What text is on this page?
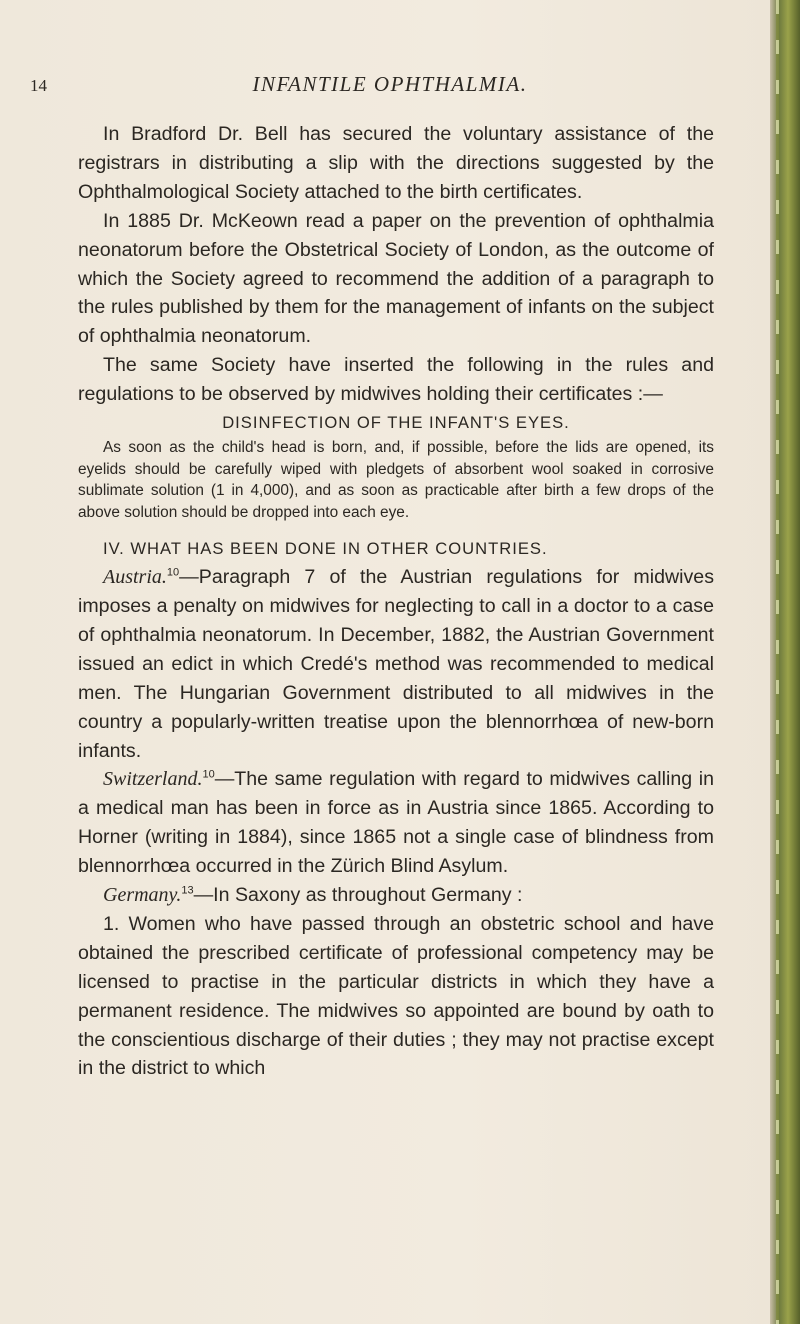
14	INFANTILE OPHTHALMIA.

In Bradford Dr. Bell has secured the voluntary assistance of the registrars in distributing a slip with the directions suggested by the Ophthalmological Society attached to the birth certificates.

In 1885 Dr. McKeown read a paper on the prevention of ophthalmia neonatorum before the Obstetrical Society of London, as the outcome of which the Society agreed to recommend the addition of a paragraph to the rules published by them for the management of infants on the subject of ophthalmia neonatorum.

The same Society have inserted the following in the rules and regulations to be observed by midwives holding their certificates :—

DISINFECTION OF THE INFANT'S EYES.

As soon as the child's head is born, and, if possible, before the lids are opened, its eyelids should be carefully wiped with pledgets of absorbent wool soaked in corrosive sublimate solution (1 in 4,000), and as soon as practicable after birth a few drops of the above solution should be dropped into each eye.

IV. WHAT HAS BEEN DONE IN OTHER COUNTRIES.

Austria.$^{10}$—Paragraph 7 of the Austrian regulations for midwives imposes a penalty on midwives for neglecting to call in a doctor to a case of ophthalmia neonatorum. In December, 1882, the Austrian Government issued an edict in which Credé's method was recommended to medical men. The Hungarian Government distributed to all midwives in the country a popularly-written treatise upon the blennorrhœa of new-born infants.

Switzerland.$^{10}$—The same regulation with regard to midwives calling in a medical man has been in force as in Austria since 1865. According to Horner (writing in 1884), since 1865 not a single case of blindness from blennorrhœa occurred in the Zürich Blind Asylum.

Germany.$^{13}$—In Saxony as throughout Germany :

1. Women who have passed through an obstetric school and have obtained the prescribed certificate of professional competency may be licensed to practise in the particular districts in which they have a permanent residence. The midwives so appointed are bound by oath to the conscientious discharge of their duties ; they may not practise except in the district to which
